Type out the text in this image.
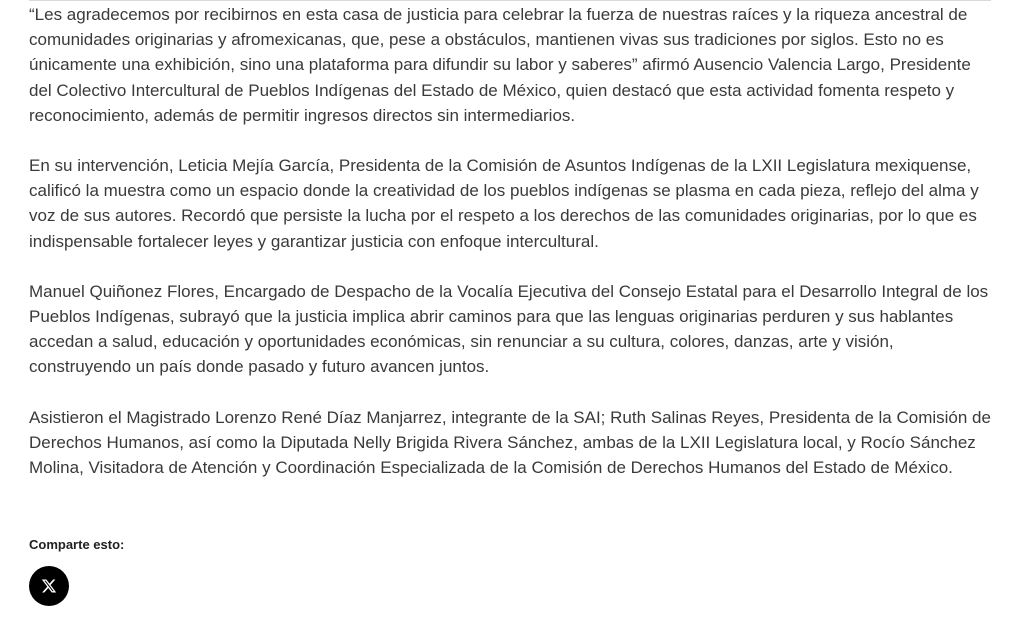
“Les agradecemos por recibirnos en esta casa de justicia para celebrar la fuerza de nuestras raíces y la riqueza ancestral de comunidades originarias y afromexicanas, que, pese a obstáculos, mantienen vivas sus tradiciones por siglos. Esto no es únicamente una exhibición, sino una plataforma para difundir su labor y saberes” afirmó Ausencio Valencia Largo, Presidente del Colectivo Intercultural de Pueblos Indígenas del Estado de México, quien destacó que esta actividad fomenta respeto y reconocimiento, además de permitir ingresos directos sin intermediarios.

En su intervención, Leticia Mejía García, Presidenta de la Comisión de Asuntos Indígenas de la LXII Legislatura mexiquense, calificó la muestra como un espacio donde la creatividad de los pueblos indígenas se plasma en cada pieza, reflejo del alma y voz de sus autores. Recordó que persiste la lucha por el respeto a los derechos de las comunidades originarias, por lo que es indispensable fortalecer leyes y garantizar justicia con enfoque intercultural.

Manuel Quiñonez Flores, Encargado de Despacho de la Vocalía Ejecutiva del Consejo Estatal para el Desarrollo Integral de los Pueblos Indígenas, subrayó que la justicia implica abrir caminos para que las lenguas originarias perduren y sus hablantes accedan a salud, educación y oportunidades económicas, sin renunciar a su cultura, colores, danzas, arte y visión, construyendo un país donde pasado y futuro avancen juntos.

Asistieron el Magistrado Lorenzo René Díaz Manjarrez, integrante de la SAI; Ruth Salinas Reyes, Presidenta de la Comisión de Derechos Humanos, así como la Diputada Nelly Brigida Rivera Sánchez, ambas de la LXII Legislatura local, y Rocío Sánchez Molina, Visitadora de Atención y Coordinación Especializada de la Comisión de Derechos Humanos del Estado de México.

Comparte esto:
